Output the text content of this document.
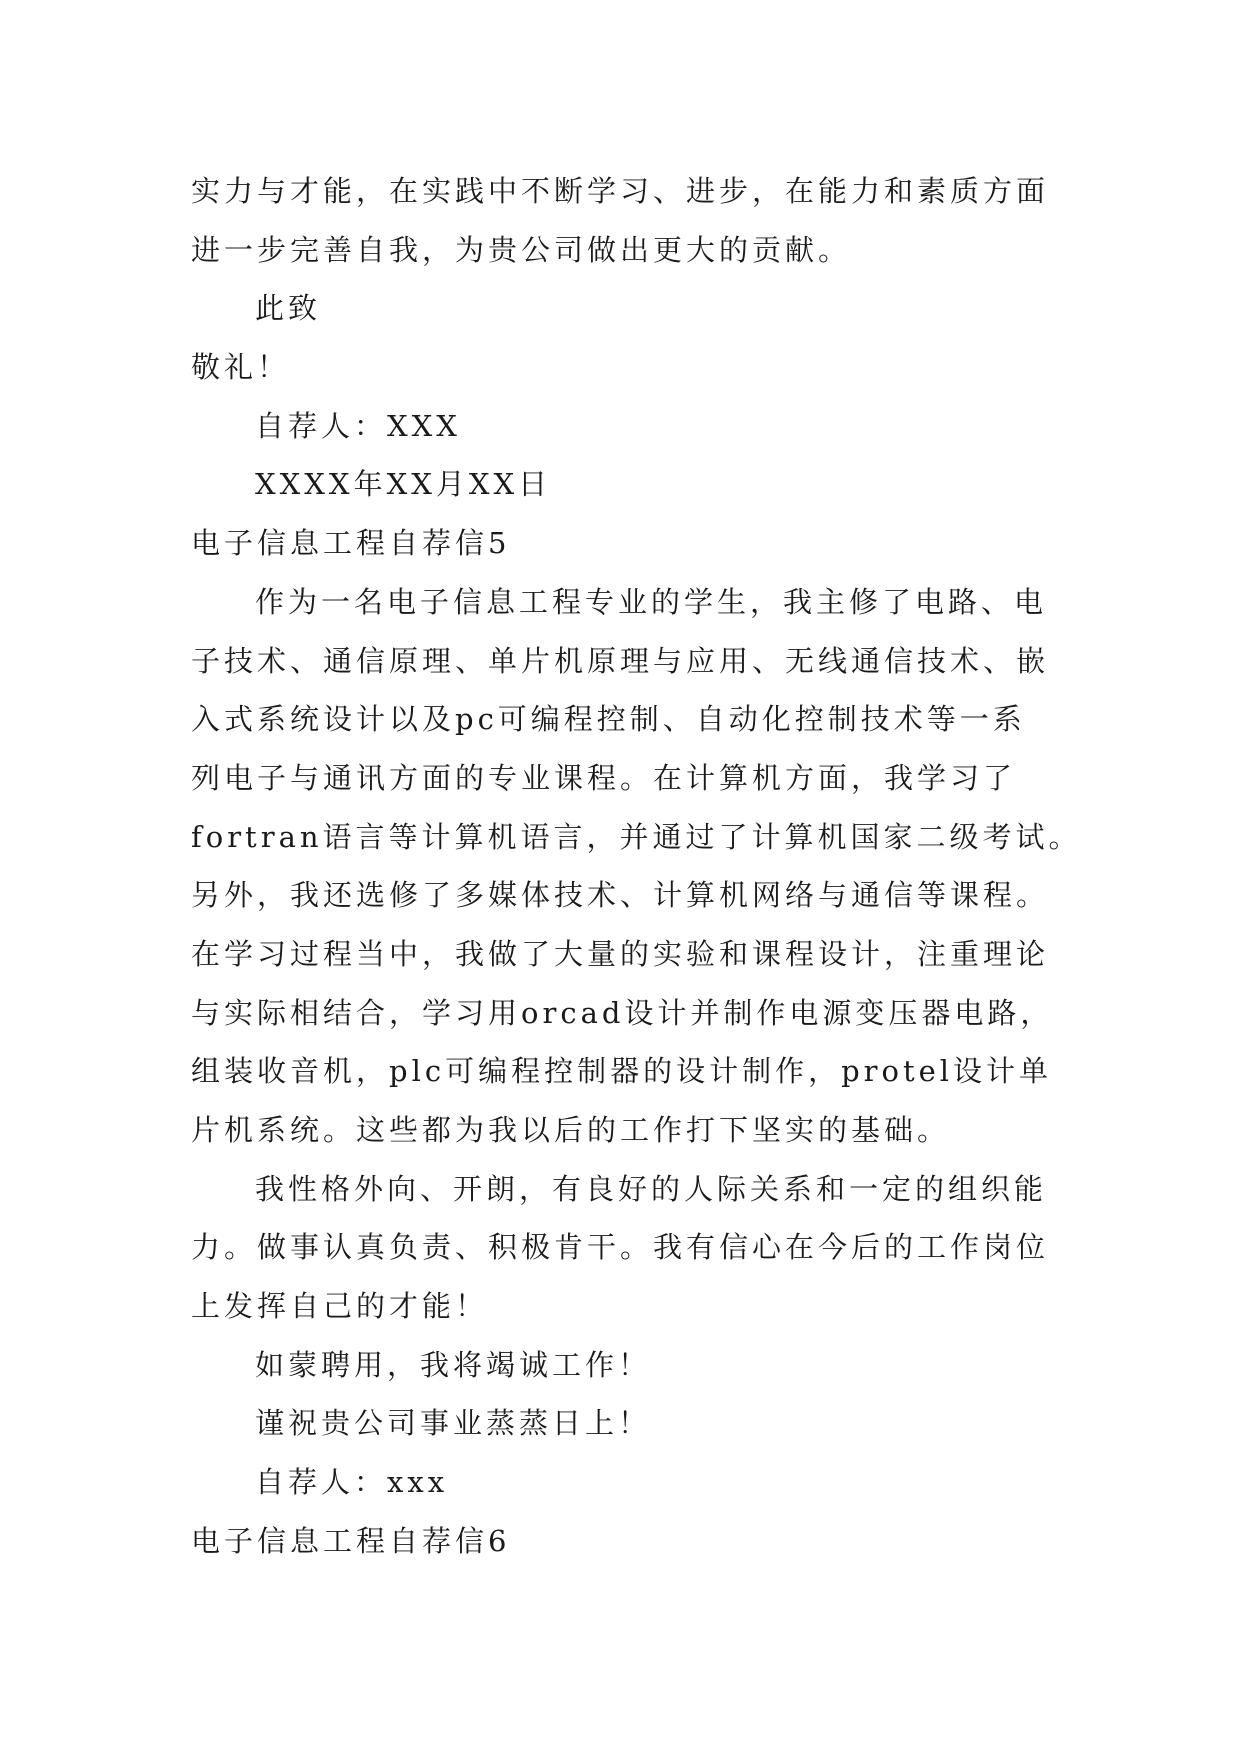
实力与才能，在实践中不断学习、进步，在能力和素质方面
进一步完善自我，为贵公司做出更大的贡献。
此致
敬礼！
自荐人：XXX
XXXX年XX月XX日
电子信息工程自荐信5
作为一名电子信息工程专业的学生，我主修了电路、电
子技术、通信原理、单片机原理与应用、无线通信技术、嵌
入式系统设计以及pc可编程控制、自动化控制技术等一系
列电子与通讯方面的专业课程。在计算机方面，我学习了
fortran语言等计算机语言，并通过了计算机国家二级考试。
另外，我还选修了多媒体技术、计算机网络与通信等课程。
在学习过程当中，我做了大量的实验和课程设计，注重理论
与实际相结合，学习用orcad设计并制作电源变压器电路，
组装收音机，plc可编程控制器的设计制作，protel设计单
片机系统。这些都为我以后的工作打下坚实的基础。
我性格外向、开朗，有良好的人际关系和一定的组织能
力。做事认真负责、积极肯干。我有信心在今后的工作岗位
上发挥自己的才能！
如蒙聘用，我将竭诚工作！
谨祝贵公司事业蒸蒸日上！
自荐人：xxx
电子信息工程自荐信6
